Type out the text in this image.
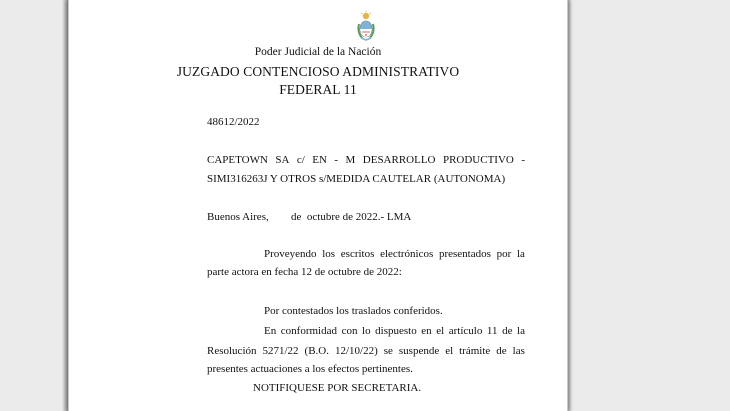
Poder Judicial de la Nación
JUZGADO CONTENCIOSO ADMINISTRATIVO
FEDERAL 11
48612/2022
CAPETOWN SA c/ EN - M DESARROLLO PRODUCTIVO -
SIMI316263J Y OTROS s/MEDIDA CAUTELAR (AUTONOMA)
Buenos Aires, de  octubre de 2022.- LMA
Proveyendo los escritos electrónicos presentados por la
parte actora en fecha 12 de octubre de 2022:
Por contestados los traslados conferidos.
En conformidad con lo dispuesto en el artículo 11 de la
Resolución 5271/22 (B.O. 12/10/22) se suspende el trámite de las
presentes actuaciones a los efectos pertinentes.
NOTIFIQUESE POR SECRETARIA.
